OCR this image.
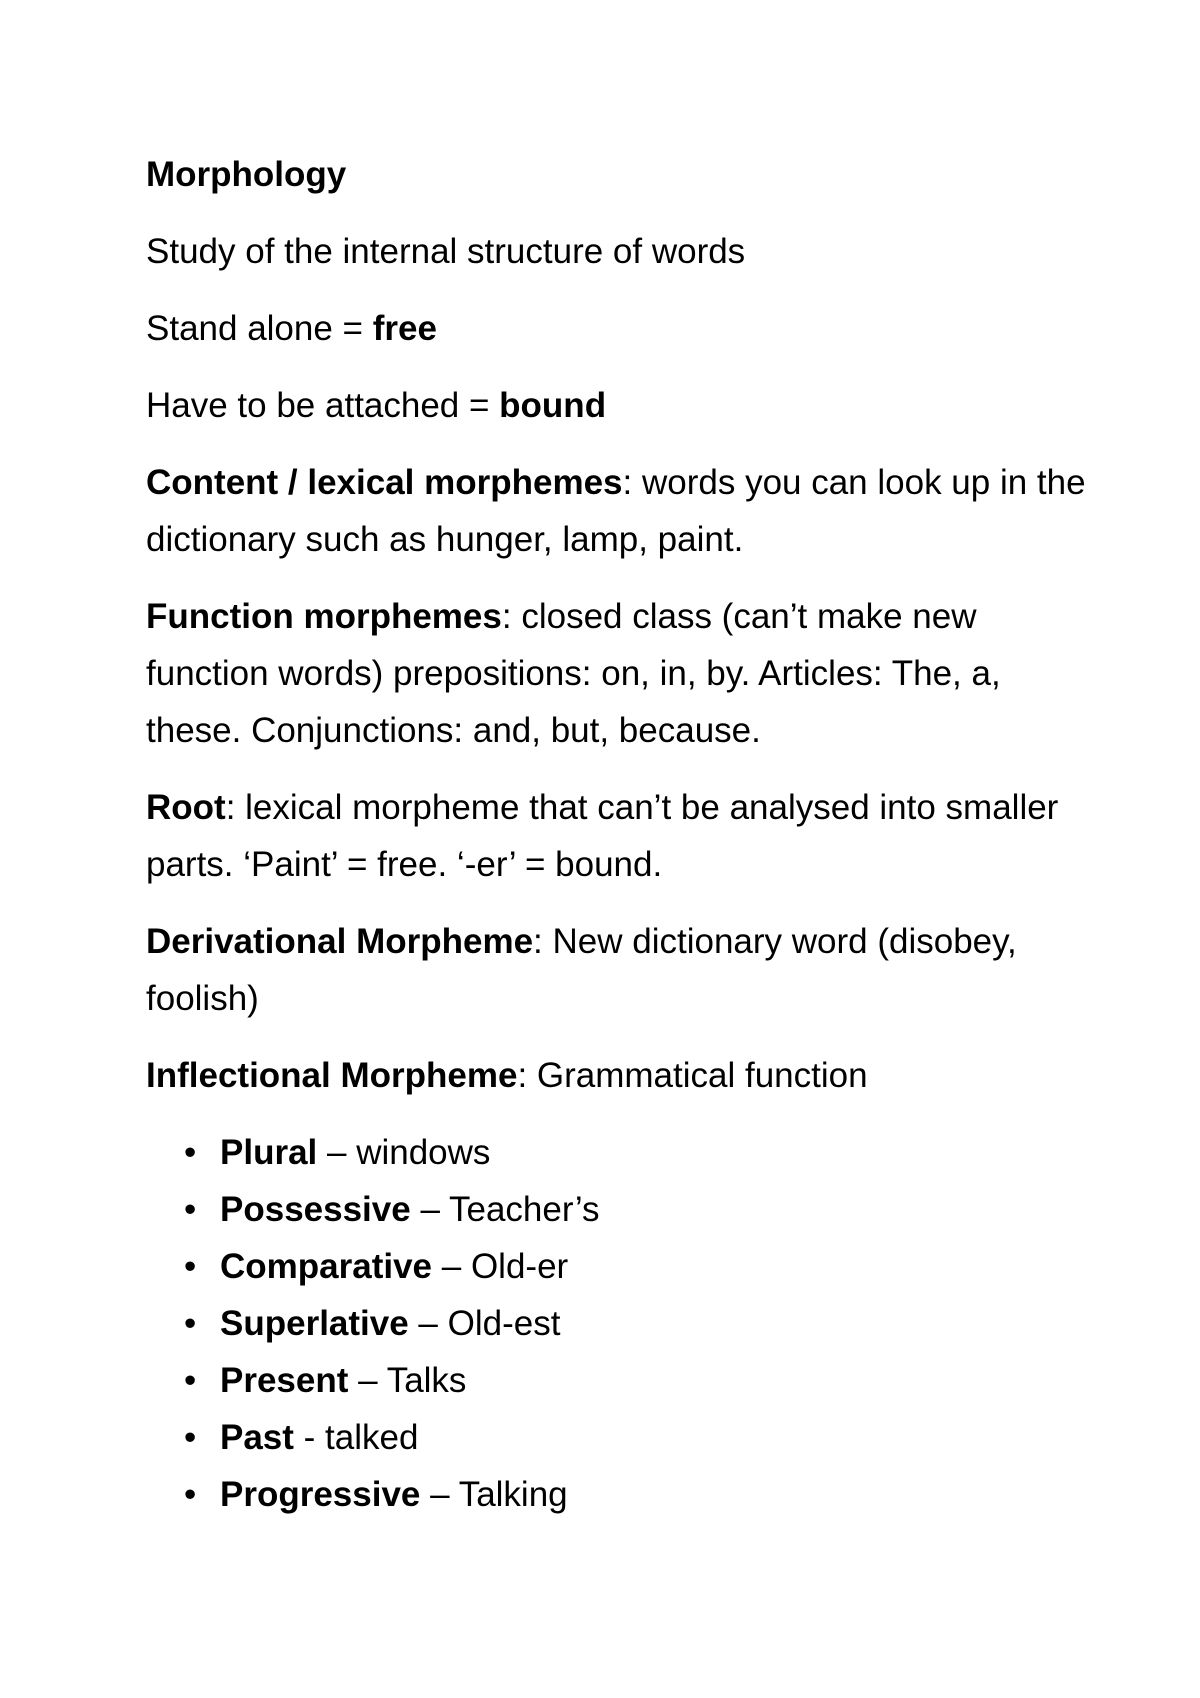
Morphology

Study of the internal structure of words

Stand alone = free

Have to be attached = bound

Content / lexical morphemes: words you can look up in the dictionary such as hunger, lamp, paint.

Function morphemes: closed class (can’t make new function words) prepositions: on, in, by. Articles: The, a, these. Conjunctions: and, but, because.

Root: lexical morpheme that can’t be analysed into smaller parts. ‘Paint’ = free. ‘-er’ = bound.

Derivational Morpheme: New dictionary word (disobey, foolish)

Inflectional Morpheme: Grammatical function

• Plural – windows
• Possessive – Teacher’s
• Comparative – Old-er
• Superlative – Old-est
• Present – Talks
• Past - talked
• Progressive – Talking
